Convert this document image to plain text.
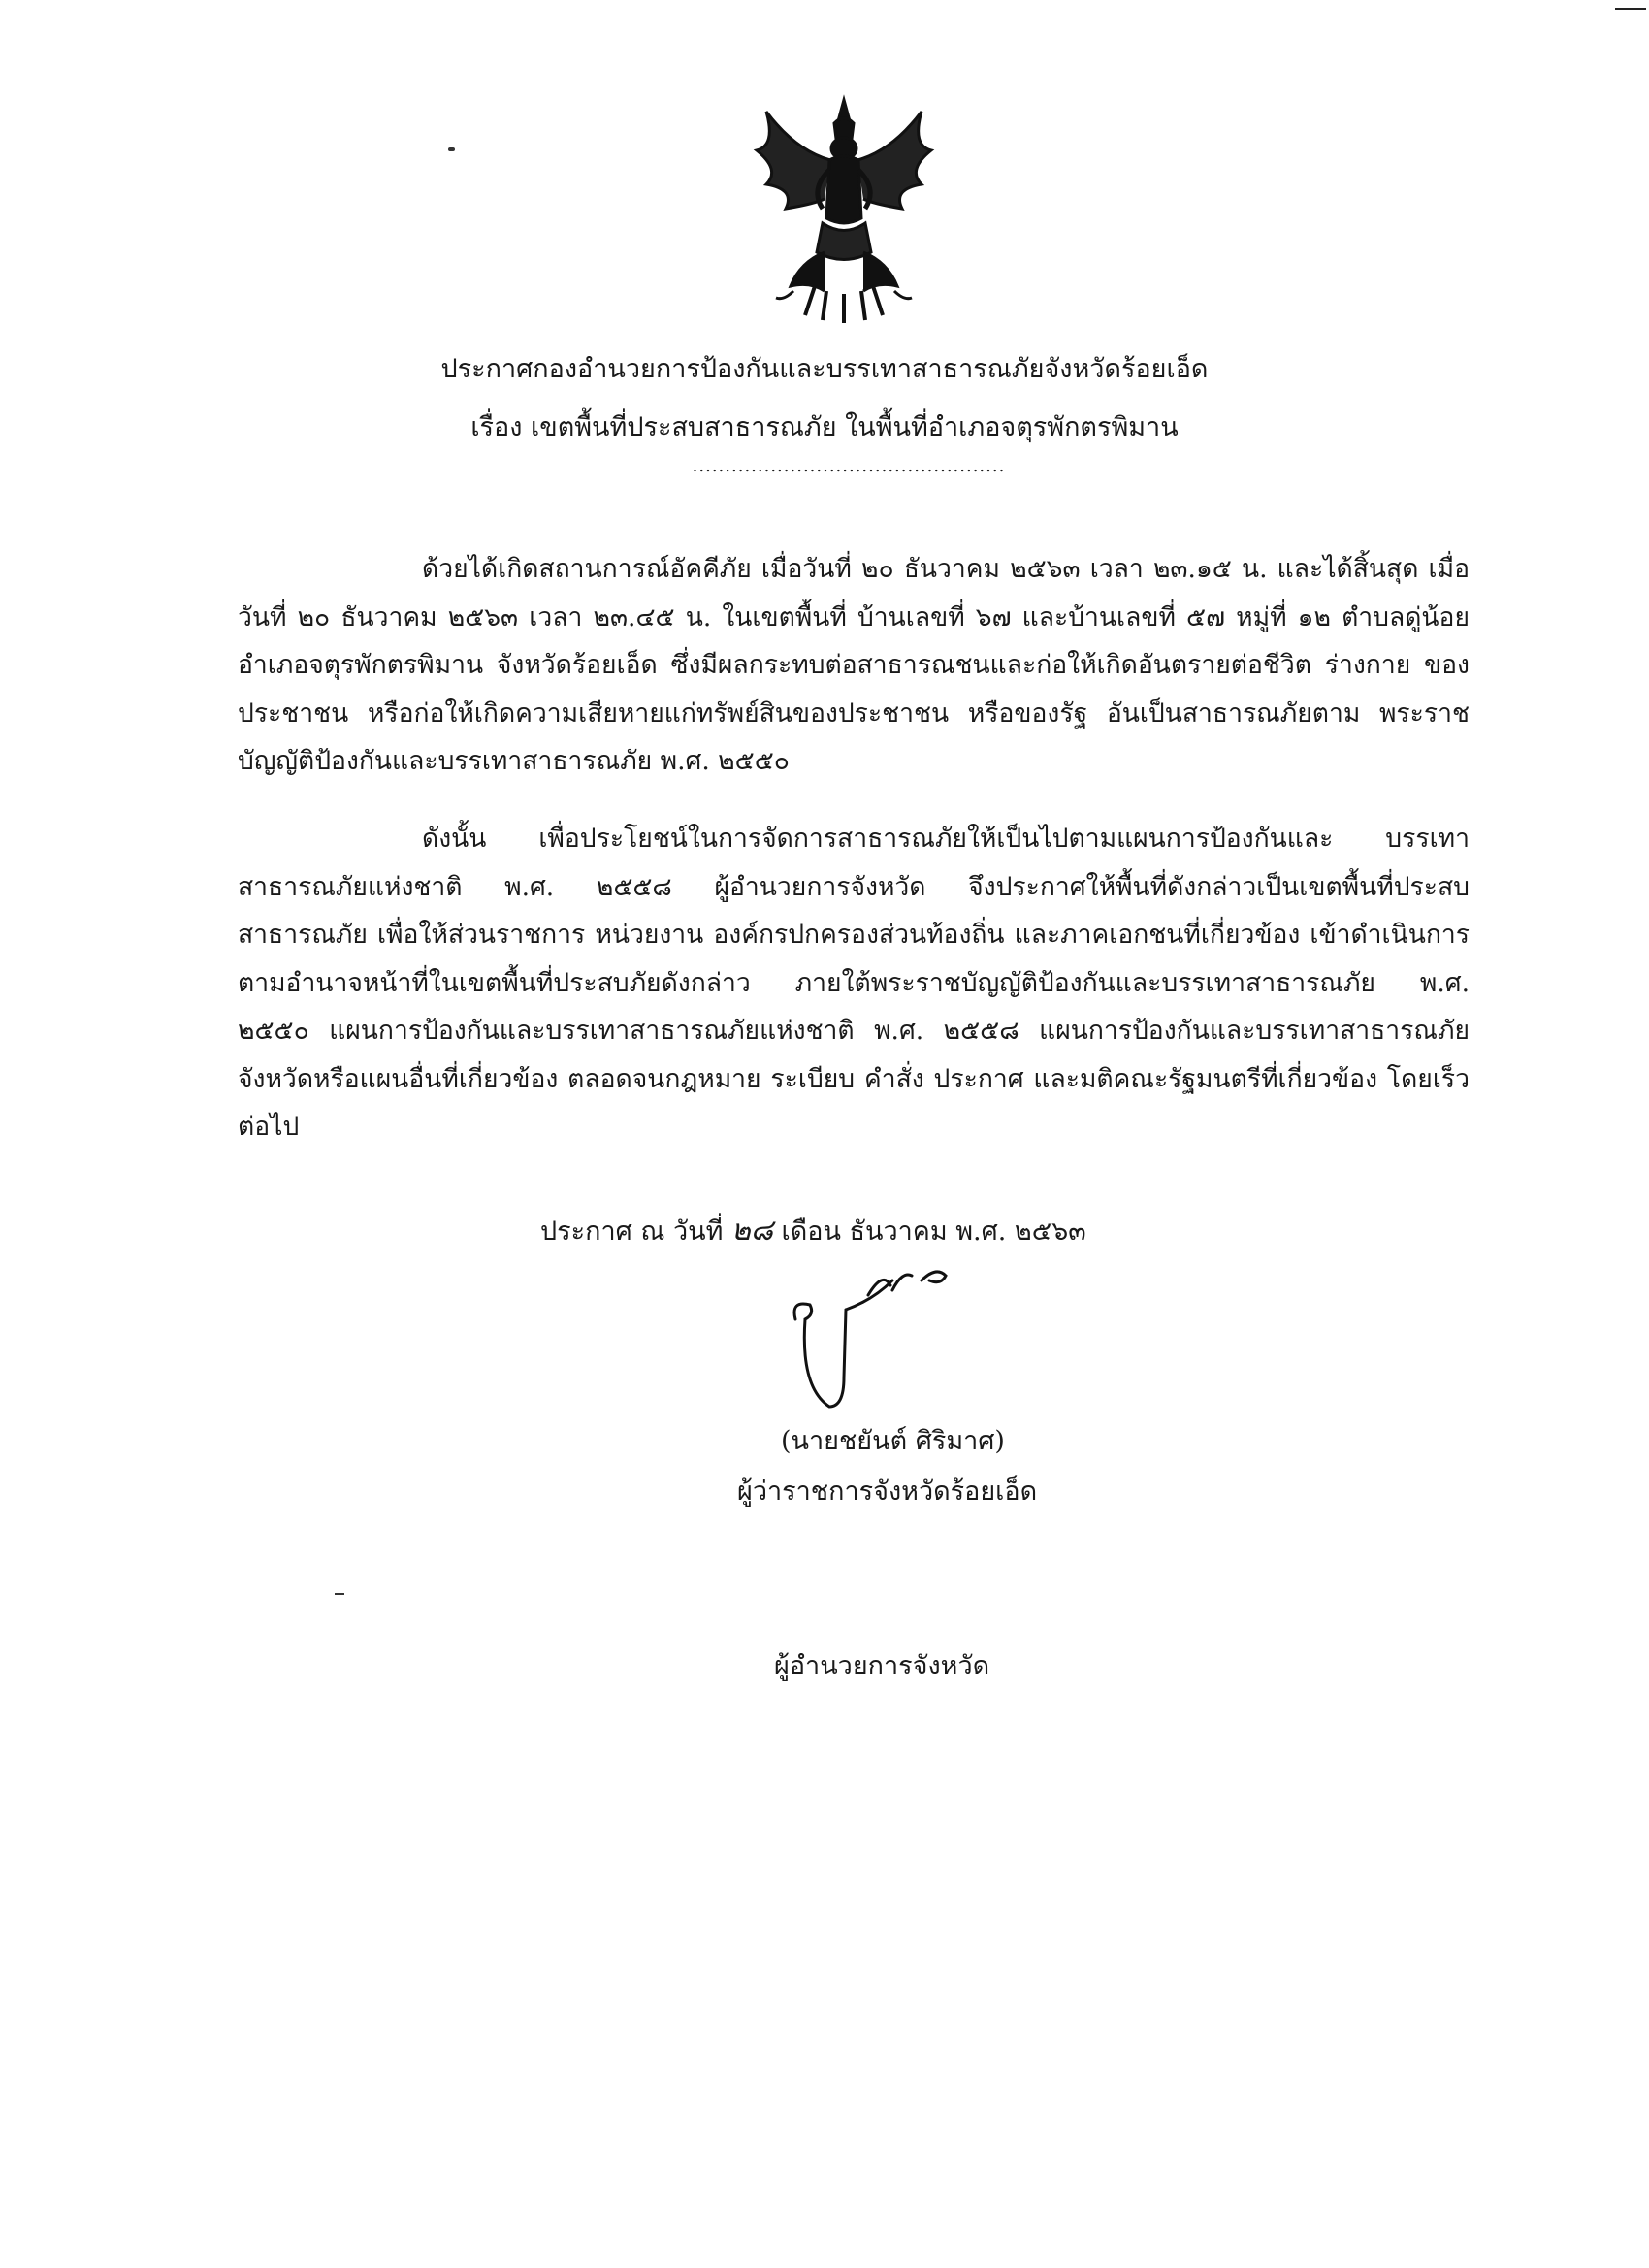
ประกาศกองอำนวยการป้องกันและบรรเทาสาธารณภัยจังหวัดร้อยเอ็ด
เรื่อง เขตพื้นที่ประสบสาธารณภัย ในพื้นที่อำเภอจตุรพักตรพิมาน
................................................
ด้วยได้เกิดสถานการณ์อัคคีภัย เมื่อวันที่ ๒๐ ธันวาคม ๒๕๖๓ เวลา ๒๓.๑๕ น. และได้สิ้นสุด เมื่อวันที่ ๒๐ ธันวาคม ๒๕๖๓ เวลา ๒๓.๔๕ น. ในเขตพื้นที่ บ้านเลขที่ ๖๗ และบ้านเลขที่ ๕๗ หมู่ที่ ๑๒ ตำบลดู่น้อย อำเภอจตุรพักตรพิมาน จังหวัดร้อยเอ็ด ซึ่งมีผลกระทบต่อสาธารณชนและก่อให้เกิดอันตรายต่อชีวิต ร่างกาย ของประชาชน หรือก่อให้เกิดความเสียหายแก่ทรัพย์สินของประชาชน หรือของรัฐ อันเป็นสาธารณภัยตาม พระราชบัญญัติป้องกันและบรรเทาสาธารณภัย พ.ศ. ๒๕๕๐
ดังนั้น เพื่อประโยชน์ในการจัดการสาธารณภัยให้เป็นไปตามแผนการป้องกันและ บรรเทาสาธารณภัยแห่งชาติ พ.ศ. ๒๕๕๘ ผู้อำนวยการจังหวัด จึงประกาศให้พื้นที่ดังกล่าวเป็นเขตพื้นที่ประสบ สาธารณภัย เพื่อให้ส่วนราชการ หน่วยงาน องค์กรปกครองส่วนท้องถิ่น และภาคเอกชนที่เกี่ยวข้อง เข้าดำเนินการ ตามอำนาจหน้าที่ในเขตพื้นที่ประสบภัยดังกล่าว ภายใต้พระราชบัญญัติป้องกันและบรรเทาสาธารณภัย พ.ศ. ๒๕๕๐ แผนการป้องกันและบรรเทาสาธารณภัยแห่งชาติ พ.ศ. ๒๕๕๘ แผนการป้องกันและบรรเทาสาธารณภัย จังหวัดหรือแผนอื่นที่เกี่ยวข้อง ตลอดจนกฎหมาย ระเบียบ คำสั่ง ประกาศ และมติคณะรัฐมนตรีที่เกี่ยวข้อง โดยเร็วต่อไป
ประกาศ ณ วันที่ ๒๘ เดือน ธันวาคม พ.ศ. ๒๕๖๓
(นายชยันต์ ศิริมาศ)
ผู้ว่าราชการจังหวัดร้อยเอ็ด
ผู้อำนวยการจังหวัด
